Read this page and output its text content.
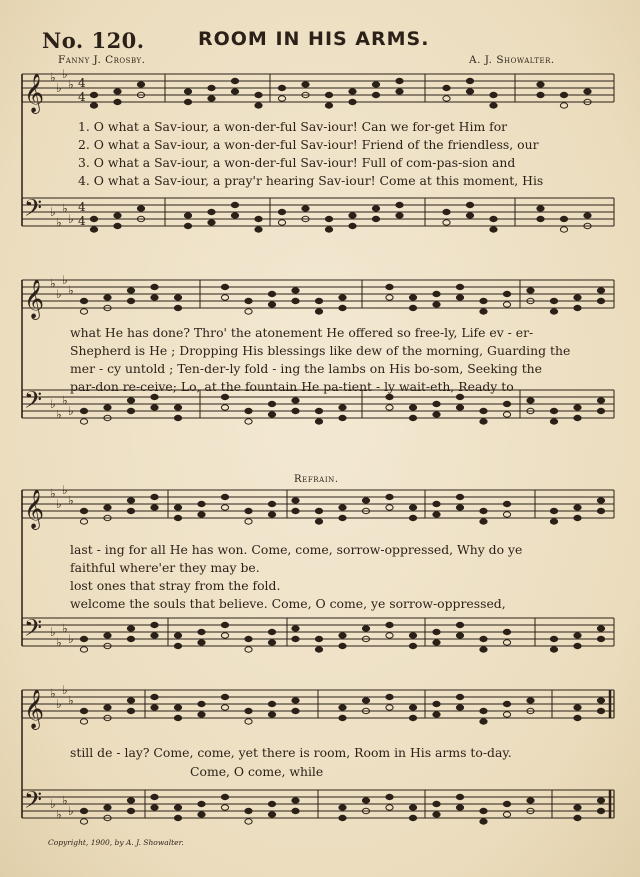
No. 120.	ROOM IN HIS ARMS.
Fanny J. Crosby.	A. J. Showalter.
𝄞 ♭
♭
♭
♭ 4
4
𝄢 ♭
♭
♭
♭
4
4
𝄞 ♭
♭
♭
♭
𝄢 ♭
♭
♭
♭
𝄞 ♭
♭
♭
♭
𝄢 ♭
♭
♭
♭
𝄞 ♭
♭
♭
♭
𝄢 ♭
♭
♭
♭
1. O what a Sav-iour, a won-der-ful Sav-iour! Can we for-get Him for
2. O what a Sav-iour, a won-der-ful Sav-iour! Friend of the friendless, our
3. O what a Sav-iour, a won-der-ful Sav-iour! Full of com-pas-sion and
4. O what a Sav-iour, a pray'r hearing Sav-iour! Come at this moment, His
what He has done? Thro' the atonement He offered so free-ly, Life ev - er-
Shepherd is He ; Dropping His blessings like dew of the morning, Guarding the
mer - cy untold ; Ten-der-ly fold - ing the lambs on His bo-som, Seeking the
par-don re-ceive; Lo, at the fountain He pa-tient - ly wait-eth, Ready to
Refrain.
last - ing for all He has won. Come, come, sorrow-oppressed, Why do ye
faithful where'er they may be.
lost ones that stray from the fold.
welcome the souls that believe. Come, O come, ye sorrow-oppressed,
still de - lay? Come, come, yet there is room, Room in His arms to-day.
Come, O come, while
Copyright, 1900, by A. J. Showalter.
